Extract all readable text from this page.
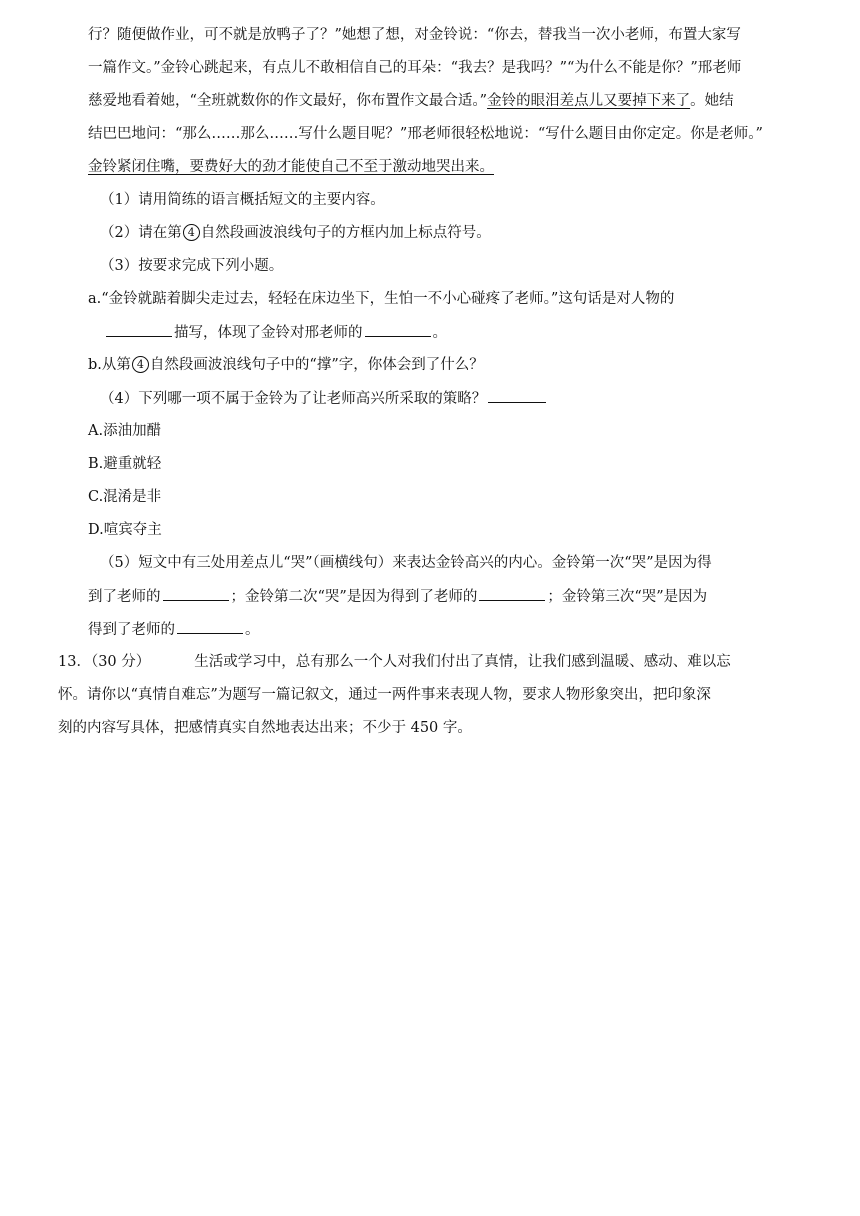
行？随便做作业，可不就是放鸭子了？”她想了想，对金铃说：“你去，替我当一次小老师，布置大家写
一篇作文。”金铃心跳起来，有点儿不敢相信自己的耳朵：“我去？是我吗？”“为什么不能是你？”邢老师
慈爱地看着她，“全班就数你的作文最好，你布置作文最合适。”金铃的眼泪差点儿又要掉下来了。她结
结巴巴地问：“那么……那么……写什么题目呢？”邢老师很轻松地说：“写什么题目由你定定。你是老师。”
金铃紧闭住嘴，要费好大的劲才能使自己不至于激动地哭出来。
（1）请用简练的语言概括短文的主要内容。
（2）请在第 4 自然段画波浪线句子的方框内加上标点符号。
（3）按要求完成下列小题。
a.“金铃就踮着脚尖走过去，轻轻在床边坐下，生怕一不小心碰疼了老师。”这句话是对人物的
描写，体现了金铃对邢老师的	。
b.从第 4 自然段画波浪线句子中的“撑”字，你体会到了什么？
（4）下列哪一项不属于金铃为了让老师高兴所采取的策略？
A.添油加醋
B.避重就轻
C.混淆是非
D.喧宾夺主
（5）短文中有三处用差点儿“哭”（画横线句）来表达金铃高兴的内心。金铃第一次“哭”是因为得
到了老师的	；金铃第二次“哭”是因为得到了老师的	；金铃第三次“哭”是因为
得到了老师的	。
13．（30 分）	生活或学习中，总有那么一个人对我们付出了真情，让我们感到温暖、感动、难以忘
怀。请你以“真情自难忘”为题写一篇记叙文，通过一两件事来表现人物，要求人物形象突出，把印象深
刻的内容写具体，把感情真实自然地表达出来；不少于 450 字。
